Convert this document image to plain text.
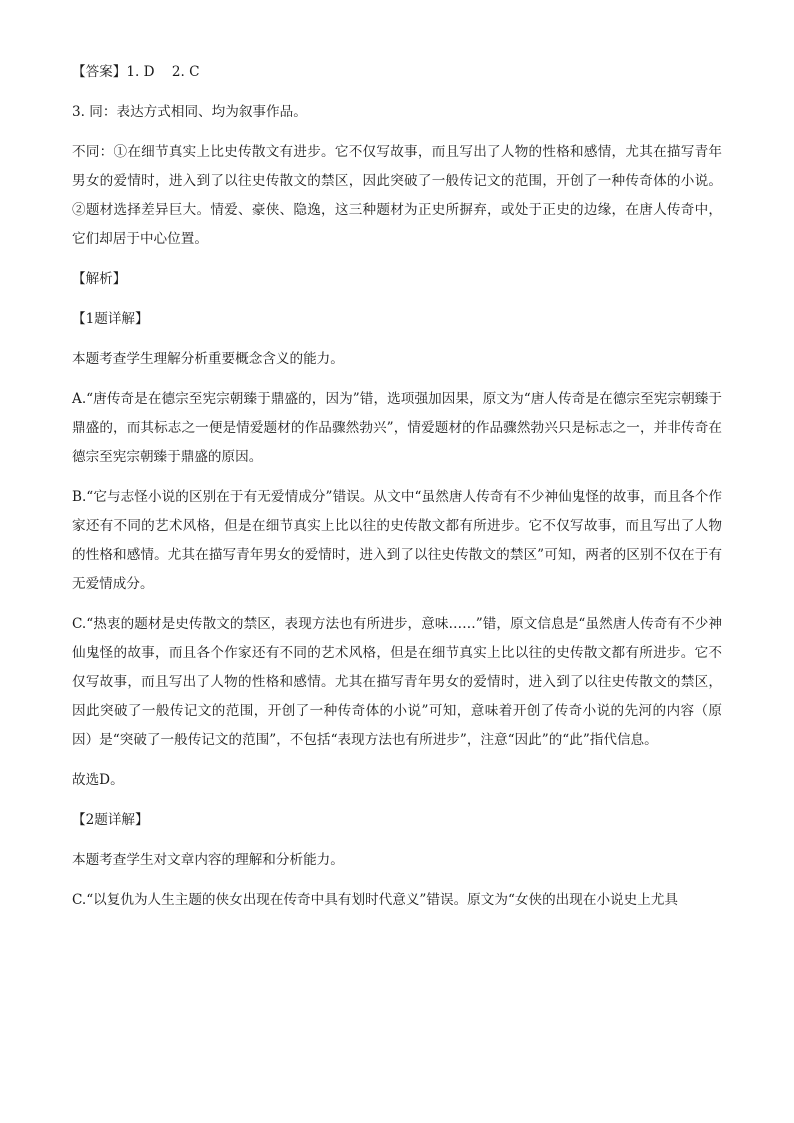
【答案】1. D    2. C

3. 同：表达方式相同、均为叙事作品。

不同：①在细节真实上比史传散文有进步。它不仅写故事，而且写出了人物的性格和感情，尤其在描写青年男女的爱情时，进入到了以往史传散文的禁区，因此突破了一般传记文的范围，开创了一种传奇体的小说。②题材选择差异巨大。情爱、豪侠、隐逸，这三种题材为正史所摒弃，或处于正史的边缘，在唐人传奇中，它们却居于中心位置。

【解析】

【1题详解】

本题考查学生理解分析重要概念含义的能力。

A.“唐传奇是在德宗至宪宗朝臻于鼎盛的，因为”错，选项强加因果，原文为“唐人传奇是在德宗至宪宗朝臻于鼎盛的，而其标志之一便是情爱题材的作品骤然勃兴”，情爱题材的作品骤然勃兴只是标志之一，并非传奇在德宗至宪宗朝臻于鼎盛的原因。

B.“它与志怪小说的区别在于有无爱情成分”错误。从文中“虽然唐人传奇有不少神仙鬼怪的故事，而且各个作家还有不同的艺术风格，但是在细节真实上比以往的史传散文都有所进步。它不仅写故事，而且写出了人物的性格和感情。尤其在描写青年男女的爱情时，进入到了以往史传散文的禁区”可知，两者的区别不仅在于有无爱情成分。

C.“热衷的题材是史传散文的禁区，表现方法也有所进步，意味……”错，原文信息是“虽然唐人传奇有不少神仙鬼怪的故事，而且各个作家还有不同的艺术风格，但是在细节真实上比以往的史传散文都有所进步。它不仅写故事，而且写出了人物的性格和感情。尤其在描写青年男女的爱情时，进入到了以往史传散文的禁区，因此突破了一般传记文的范围，开创了一种传奇体的小说”可知，意味着开创了传奇小说的先河的内容（原因）是“突破了一般传记文的范围”，不包括“表现方法也有所进步”，注意“因此”的“此”指代信息。

故选D。

【2题详解】

本题考查学生对文章内容的理解和分析能力。

C.“以复仇为人生主题的侠女出现在传奇中具有划时代意义”错误。原文为“女侠的出现在小说史上尤具
